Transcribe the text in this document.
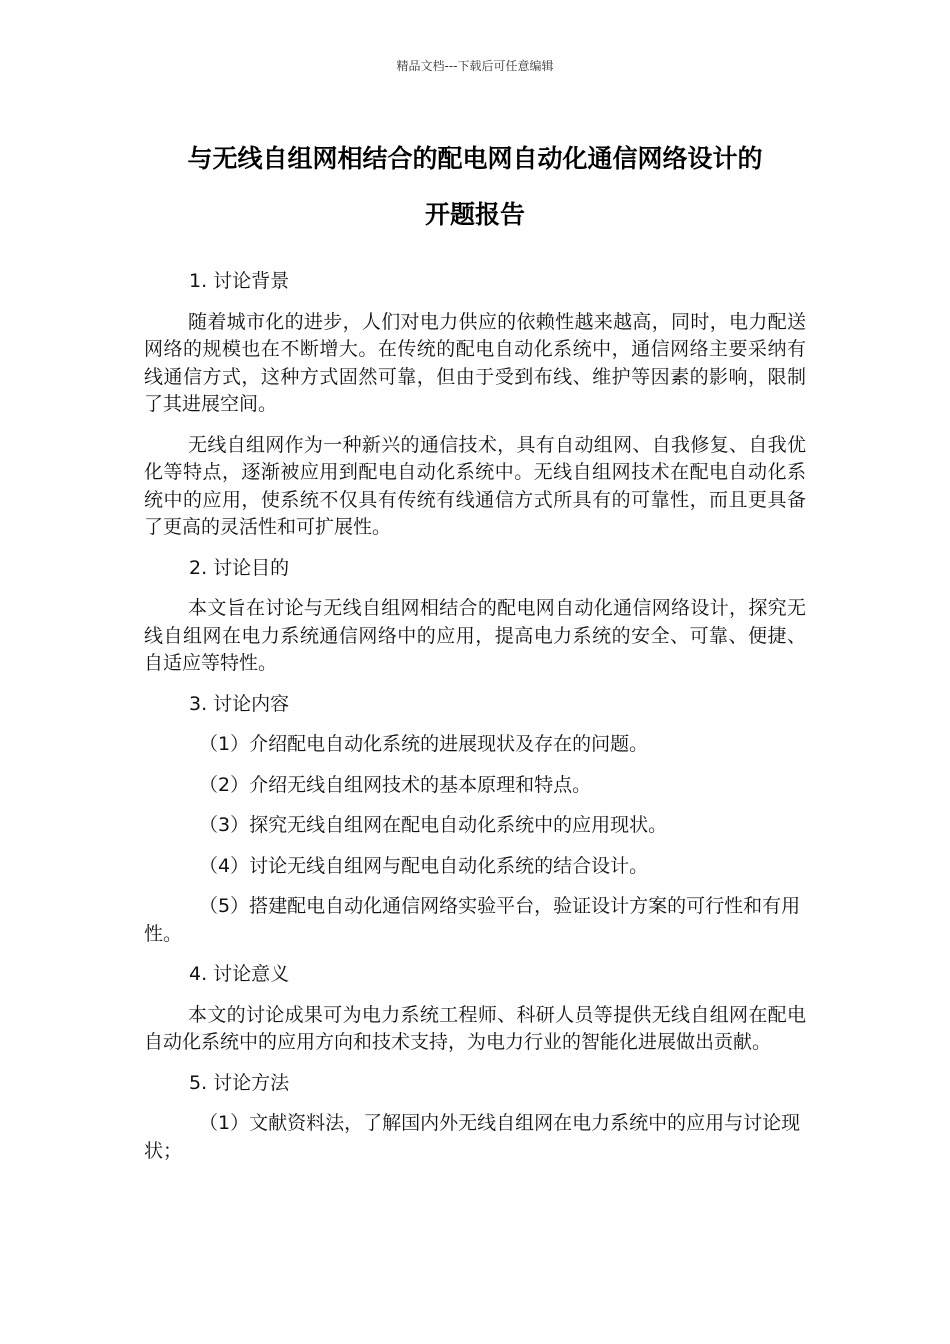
精品文档---下载后可任意编辑
与无线自组网相结合的配电网自动化通信网络设计的
开题报告

1. 讨论背景

随着城市化的进步，人们对电力供应的依赖性越来越高，同时，电力配送网络的规模也在不断增大。在传统的配电自动化系统中，通信网络主要采纳有线通信方式，这种方式固然可靠，但由于受到布线、维护等因素的影响，限制了其进展空间。

无线自组网作为一种新兴的通信技术，具有自动组网、自我修复、自我优化等特点，逐渐被应用到配电自动化系统中。无线自组网技术在配电自动化系统中的应用，使系统不仅具有传统有线通信方式所具有的可靠性，而且更具备了更高的灵活性和可扩展性。

2. 讨论目的

本文旨在讨论与无线自组网相结合的配电网自动化通信网络设计，探究无线自组网在电力系统通信网络中的应用，提高电力系统的安全、可靠、便捷、自适应等特性。

3. 讨论内容

（1）介绍配电自动化系统的进展现状及存在的问题。

（2）介绍无线自组网技术的基本原理和特点。

（3）探究无线自组网在配电自动化系统中的应用现状。

（4）讨论无线自组网与配电自动化系统的结合设计。

（5）搭建配电自动化通信网络实验平台，验证设计方案的可行性和有用性。

4. 讨论意义

本文的讨论成果可为电力系统工程师、科研人员等提供无线自组网在配电自动化系统中的应用方向和技术支持，为电力行业的智能化进展做出贡献。

5. 讨论方法

（1）文献资料法，了解国内外无线自组网在电力系统中的应用与讨论现状；
